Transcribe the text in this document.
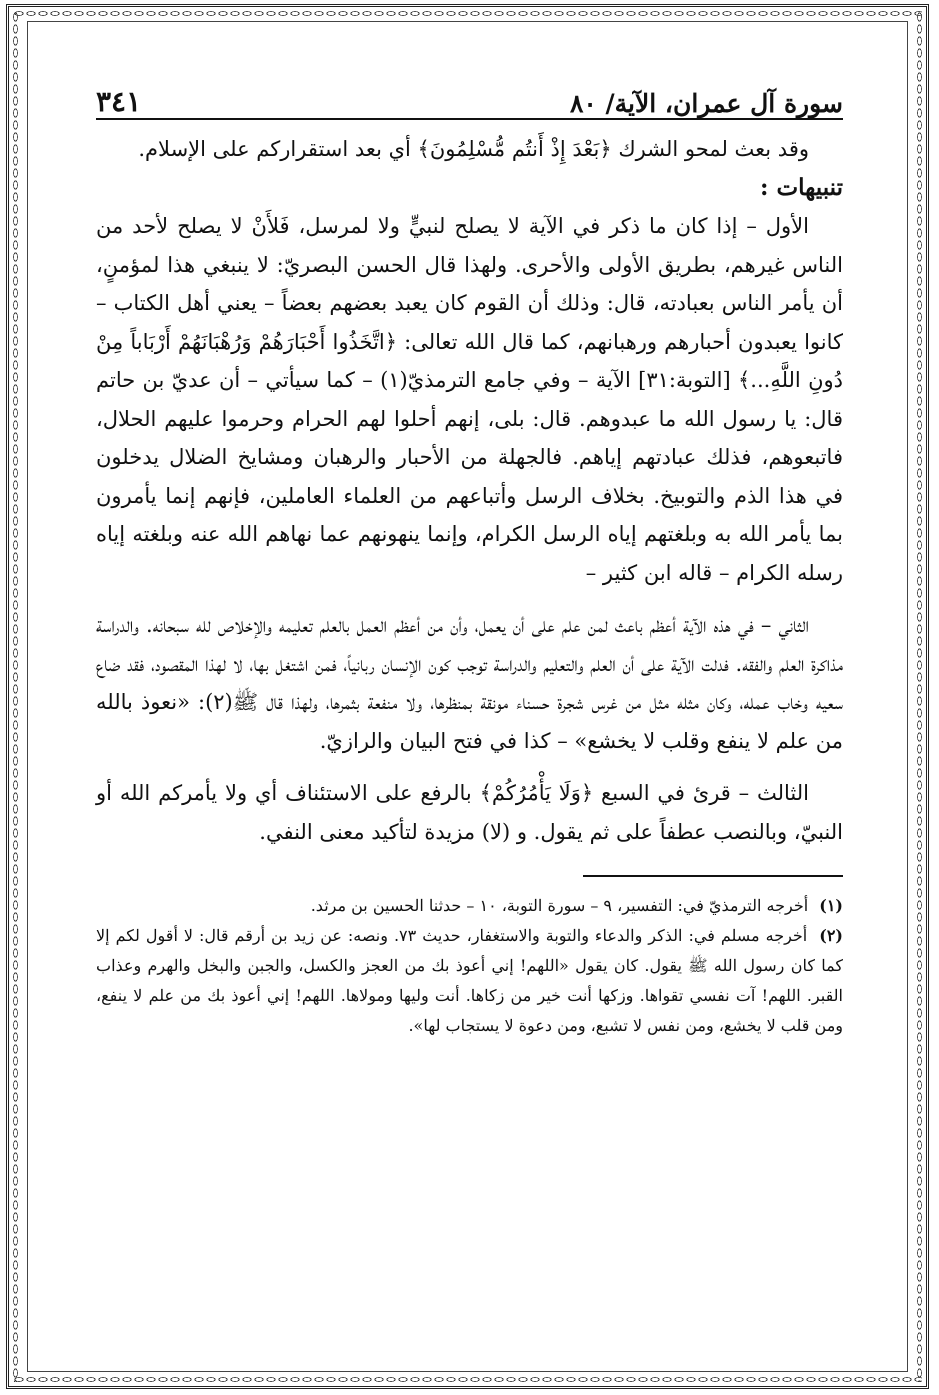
سورة آل عمران، الآية/ ٨٠
٣٤١

وقد بعث لمحو الشرك ﴿بَعْدَ إِذْ أَنتُم مُّسْلِمُونَ﴾ أي بعد استقراركم على الإسلام.

تنبيهات :

الأول – إذا كان ما ذكر في الآية لا يصلح لنبيٍّ ولا لمرسل، فَلأَنْ لا يصلح لأحد من الناس غيرهم، بطريق الأولى والأحرى. ولهذا قال الحسن البصريّ: لا ينبغي هذا لمؤمنٍ، أن يأمر الناس بعبادته، قال: وذلك أن القوم كان يعبد بعضهم بعضاً – يعني أهل الكتاب –كانوا يعبدون أحبارهم ورهبانهم، كما قال الله تعالى: ﴿اتَّخَذُوا أَحْبَارَهُمْ وَرُهْبَانَهُمْ أَرْبَاباً مِنْ دُونِ اللَّهِ...﴾ [التوبة:٣١] الآية – وفي جامع الترمذيّ(١) – كما سيأتي – أن عديّ بن حاتم قال: يا رسول الله ما عبدوهم. قال: بلى، إنهم أحلوا لهم الحرام وحرموا عليهم الحلال، فاتبعوهم، فذلك عبادتهم إياهم. فالجهلة من الأحبار والرهبان ومشايخ الضلال يدخلون في هذا الذم والتوبيخ. بخلاف الرسل وأتباعهم من العلماء العاملين، فإنهم إنما يأمرون بما يأمر الله به وبلغتهم إياه الرسل الكرام، وإنما ينهونهم عما نهاهم الله عنه وبلغته إياه رسله الكرام – قاله ابن كثير –

الثاني – في هذه الآية أعظم باعث لمن علم على أن يعمل، وأن من أعظم العمل بالعلم تعليمه والإخلاص لله سبحانه. والدراسة مذاكرة العلم والفقه. فدلت الآية على أن العلم والتعليم والدراسة توجب كون الإنسان ربانياً، فمن اشتغل بها، لا لهذا المقصود، فقد ضاع سعيه وخاب عمله، وكان مثله مثل من غرس شجرة حسناء مونقة بمنظرها، ولا منفعة بثمرها، ولهذا قال ﷺ(٢): «نعوذ بالله من علم لا ينفع وقلب لا يخشع» – كذا في فتح البيان والرازيّ.

الثالث – قرئ في السبع ﴿وَلَا يَأْمُرُكُمْ﴾ بالرفع على الاستئناف أي ولا يأمركم الله أو النبيّ، وبالنصب عطفاً على ثم يقول. و (لا) مزيدة لتأكيد معنى النفي.

(١) أخرجه الترمذيّ في: التفسير، ٩ – سورة التوبة، ١٠ – حدثنا الحسين بن مرثد.

(٢) أخرجه مسلم في: الذكر والدعاء والتوبة والاستغفار، حديث ٧٣. ونصه: عن زيد بن أرقم قال: لا أقول لكم إلا كما كان رسول الله ﷺ يقول. كان يقول «اللهم! إني أعوذ بك من العجز والكسل، والجبن والبخل والهرم وعذاب القبر. اللهم! آت نفسي تقواها. وزكها أنت خير من زكاها. أنت وليها ومولاها. اللهم! إني أعوذ بك من علم لا ينفع، ومن قلب لا يخشع، ومن نفس لا تشبع، ومن دعوة لا يستجاب لها».
